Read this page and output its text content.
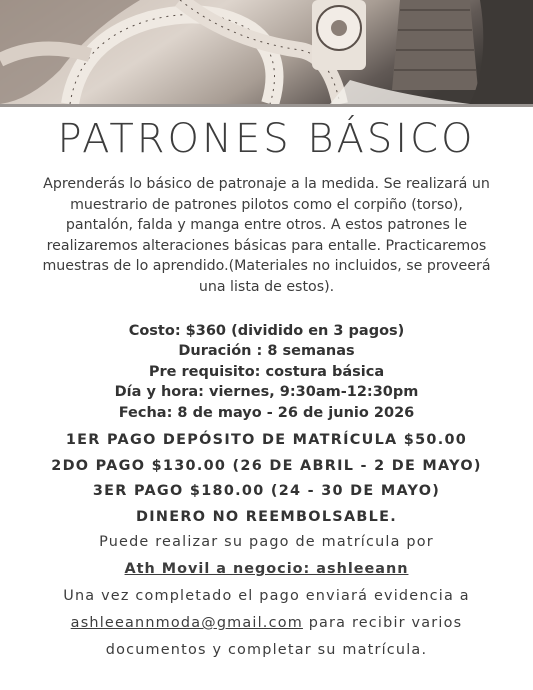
PATRONES BÁSICO

Aprenderás lo básico de patronaje a la medida. Se realizará un muestrario de patrones pilotos como el corpiño (torso), pantalón, falda y manga entre otros. A estos patrones le realizaremos alteraciones básicas para entalle. Practicaremos muestras de lo aprendido.(Materiales no incluidos, se proveerá una lista de estos).

Costo: $360 (dividido en 3 pagos)

Duración : 8 semanas

Pre requisito: costura básica

Día y hora: viernes, 9:30am-12:30pm

Fecha: 8 de mayo - 26 de junio 2026

1ER PAGO DEPÓSITO DE MATRÍCULA $50.00

2DO PAGO $130.00 (26 DE ABRIL - 2 DE MAYO)

3ER PAGO $180.00 (24 - 30 DE MAYO)

DINERO NO REEMBOLSABLE.

Puede realizar su pago de matrícula por

Ath Movil a negocio: ashleeann

Una vez completado el pago enviará evidencia a

ashleeannmoda@gmail.com para recibir varios

documentos y completar su matrícula.
